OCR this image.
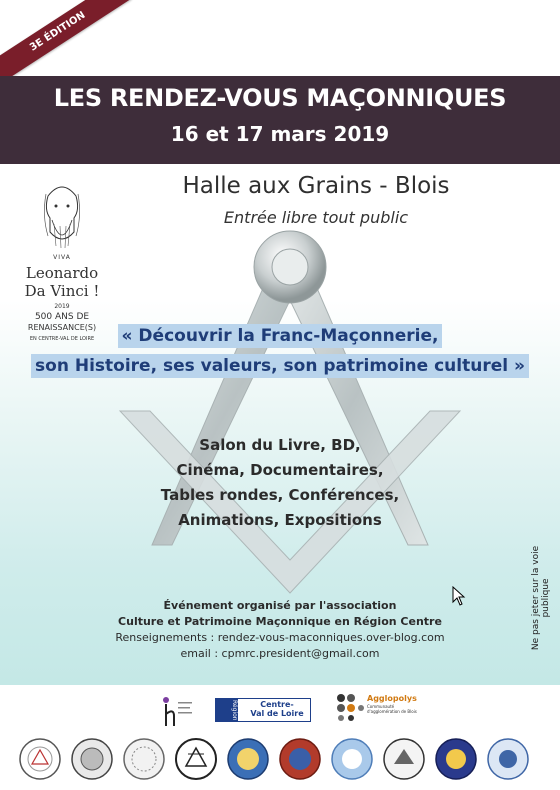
3E ÉDITION
LES RENDEZ-VOUS MAÇONNIQUES
16 et 17 mars 2019
Halle aux Grains - Blois
Entrée libre tout public
VIVA
Leonardo
Da Vinci !
2019
500 ANS DE
RENAISSANCE(S)
EN CENTRE-VAL DE LOIRE	« Découvrir la Franc-Maçonnerie,
son Histoire, ses valeurs, son patrimoine culturel »
Salon du Livre, BD,
Cinéma, Documentaires,
Tables rondes, Conférences,
Animations, Expositions
Événement organisé par l'association
Culture et Patrimoine Maçonnique en Région Centre
Renseignements : rendez-vous-maconniques.over-blog.com
email : cpmrc.president@gmail.com
Ne pas jeter sur la voie publique
Région	Centre-
Val de Loire
Agglopolys
Communauté d'agglomération de Blois
